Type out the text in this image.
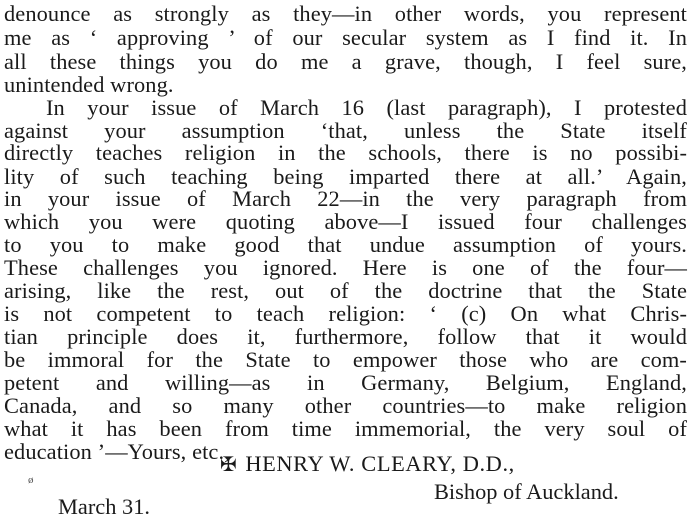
denounce as strongly as they—in other words, you represent
me as ‘ approving ’ of our secular system as I find it. In
all these things you do me a grave, though, I feel sure,
unintended wrong.
In your issue of March 16 (last paragraph), I protested
against your assumption ‘that, unless the State itself
directly teaches religion in the schools, there is no possibi-
lity of such teaching being imparted there at all.’ Again,
in your issue of March 22—in the very paragraph from
which you were quoting above—I issued four challenges
to you to make good that undue assumption of yours.
These challenges you ignored. Here is one of the four—
arising, like the rest, out of the doctrine that the State
is not competent to teach religion: ‘ (c) On what Chris-
tian principle does it, furthermore, follow that it would
be immoral for the State to empower those who are com-
petent and willing—as in Germany, Belgium, England,
Canada, and so many other countries—to make religion
what it has been from time immemorial, the very soul of
education ’—Yours, etc.,
✠ HENRY W. CLEARY, D.D.,
Bishop of Auckland.
ø
March 31.
